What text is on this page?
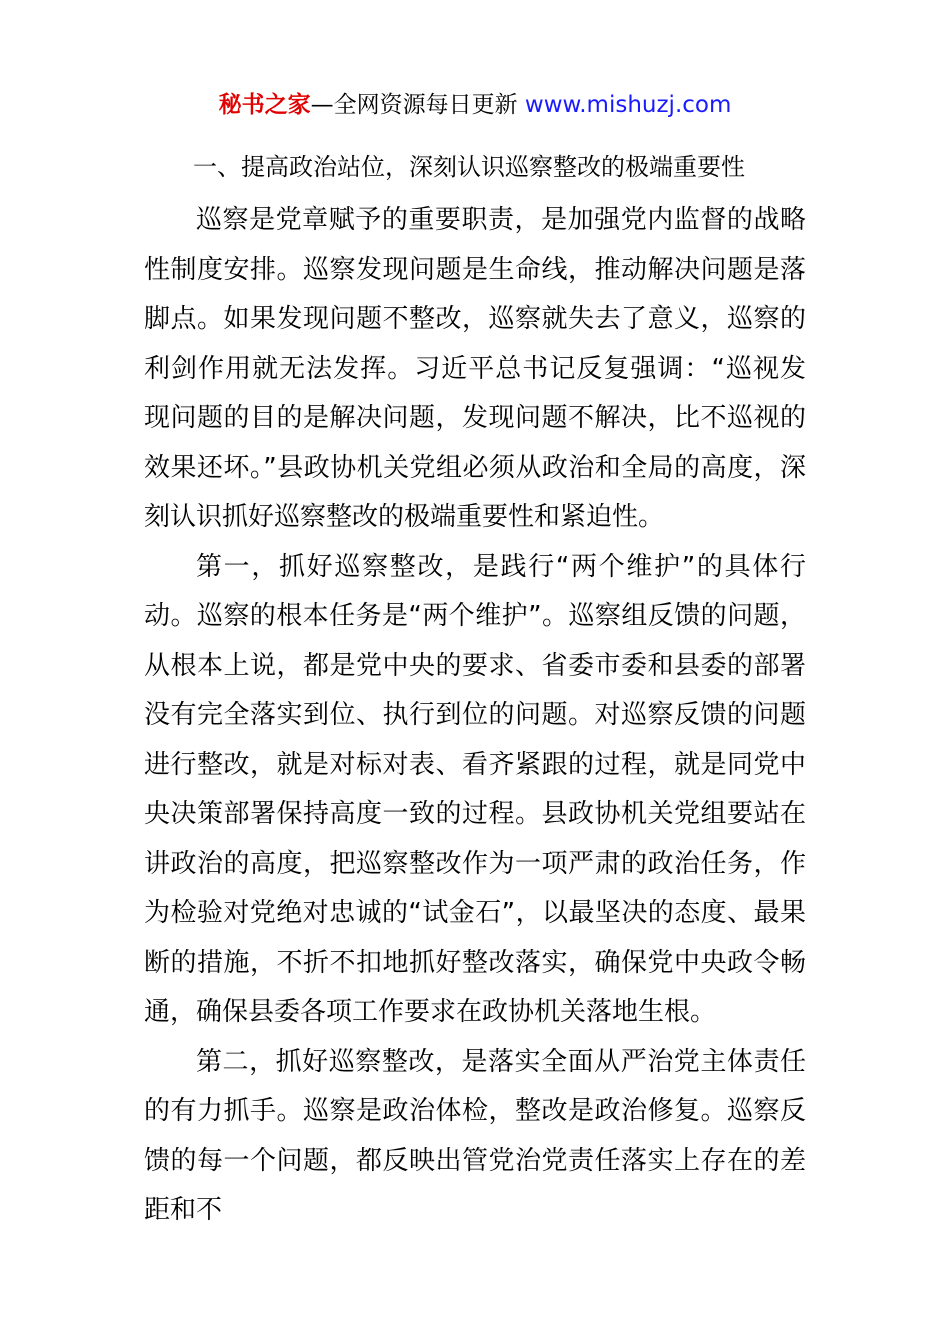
秘书之家—全网资源每日更新 www.mishuzj.com
一、提高政治站位，深刻认识巡察整改的极端重要性

巡察是党章赋予的重要职责，是加强党内监督的战略性制度安排。巡察发现问题是生命线，推动解决问题是落脚点。如果发现问题不整改，巡察就失去了意义，巡察的利剑作用就无法发挥。习近平总书记反复强调：“巡视发现问题的目的是解决问题，发现问题不解决，比不巡视的效果还坏。”县政协机关党组必须从政治和全局的高度，深刻认识抓好巡察整改的极端重要性和紧迫性。

第一，抓好巡察整改，是践行“两个维护”的具体行动。巡察的根本任务是“两个维护”。巡察组反馈的问题，从根本上说，都是党中央的要求、省委市委和县委的部署没有完全落实到位、执行到位的问题。对巡察反馈的问题进行整改，就是对标对表、看齐紧跟的过程，就是同党中央决策部署保持高度一致的过程。县政协机关党组要站在讲政治的高度，把巡察整改作为一项严肃的政治任务，作为检验对党绝对忠诚的“试金石”，以最坚决的态度、最果断的措施，不折不扣地抓好整改落实，确保党中央政令畅通，确保县委各项工作要求在政协机关落地生根。

第二，抓好巡察整改，是落实全面从严治党主体责任的有力抓手。巡察是政治体检，整改是政治修复。巡察反馈的每一个问题，都反映出管党治党责任落实上存在的差距和不
